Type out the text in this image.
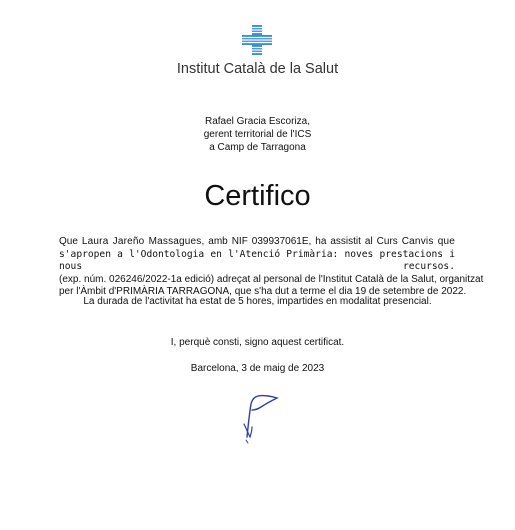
Institut Català de la Salut
Rafael Gracia Escoriza,
gerent territorial de l'ICS
a Camp de Tarragona
Certifico
Que Laura Jareño Massagues, amb NIF 039937061E, ha assistit al Curs Canvis que
s'apropen a l'Odontologia en l'Atenció Primària: noves prestacions i nous recursos.
(exp. núm. 026246/2022-1a edició) adreçat al personal de l'Institut Català de la Salut, organitzat
per l'Àmbit d'PRIMÀRIA TARRAGONA, que s'ha dut a terme el dia 19 de setembre de 2022.
La durada de l'activitat ha estat de 5 hores, impartides en modalitat presencial.
I, perquè consti, signo aquest certificat.
Barcelona, 3 de maig de 2023
